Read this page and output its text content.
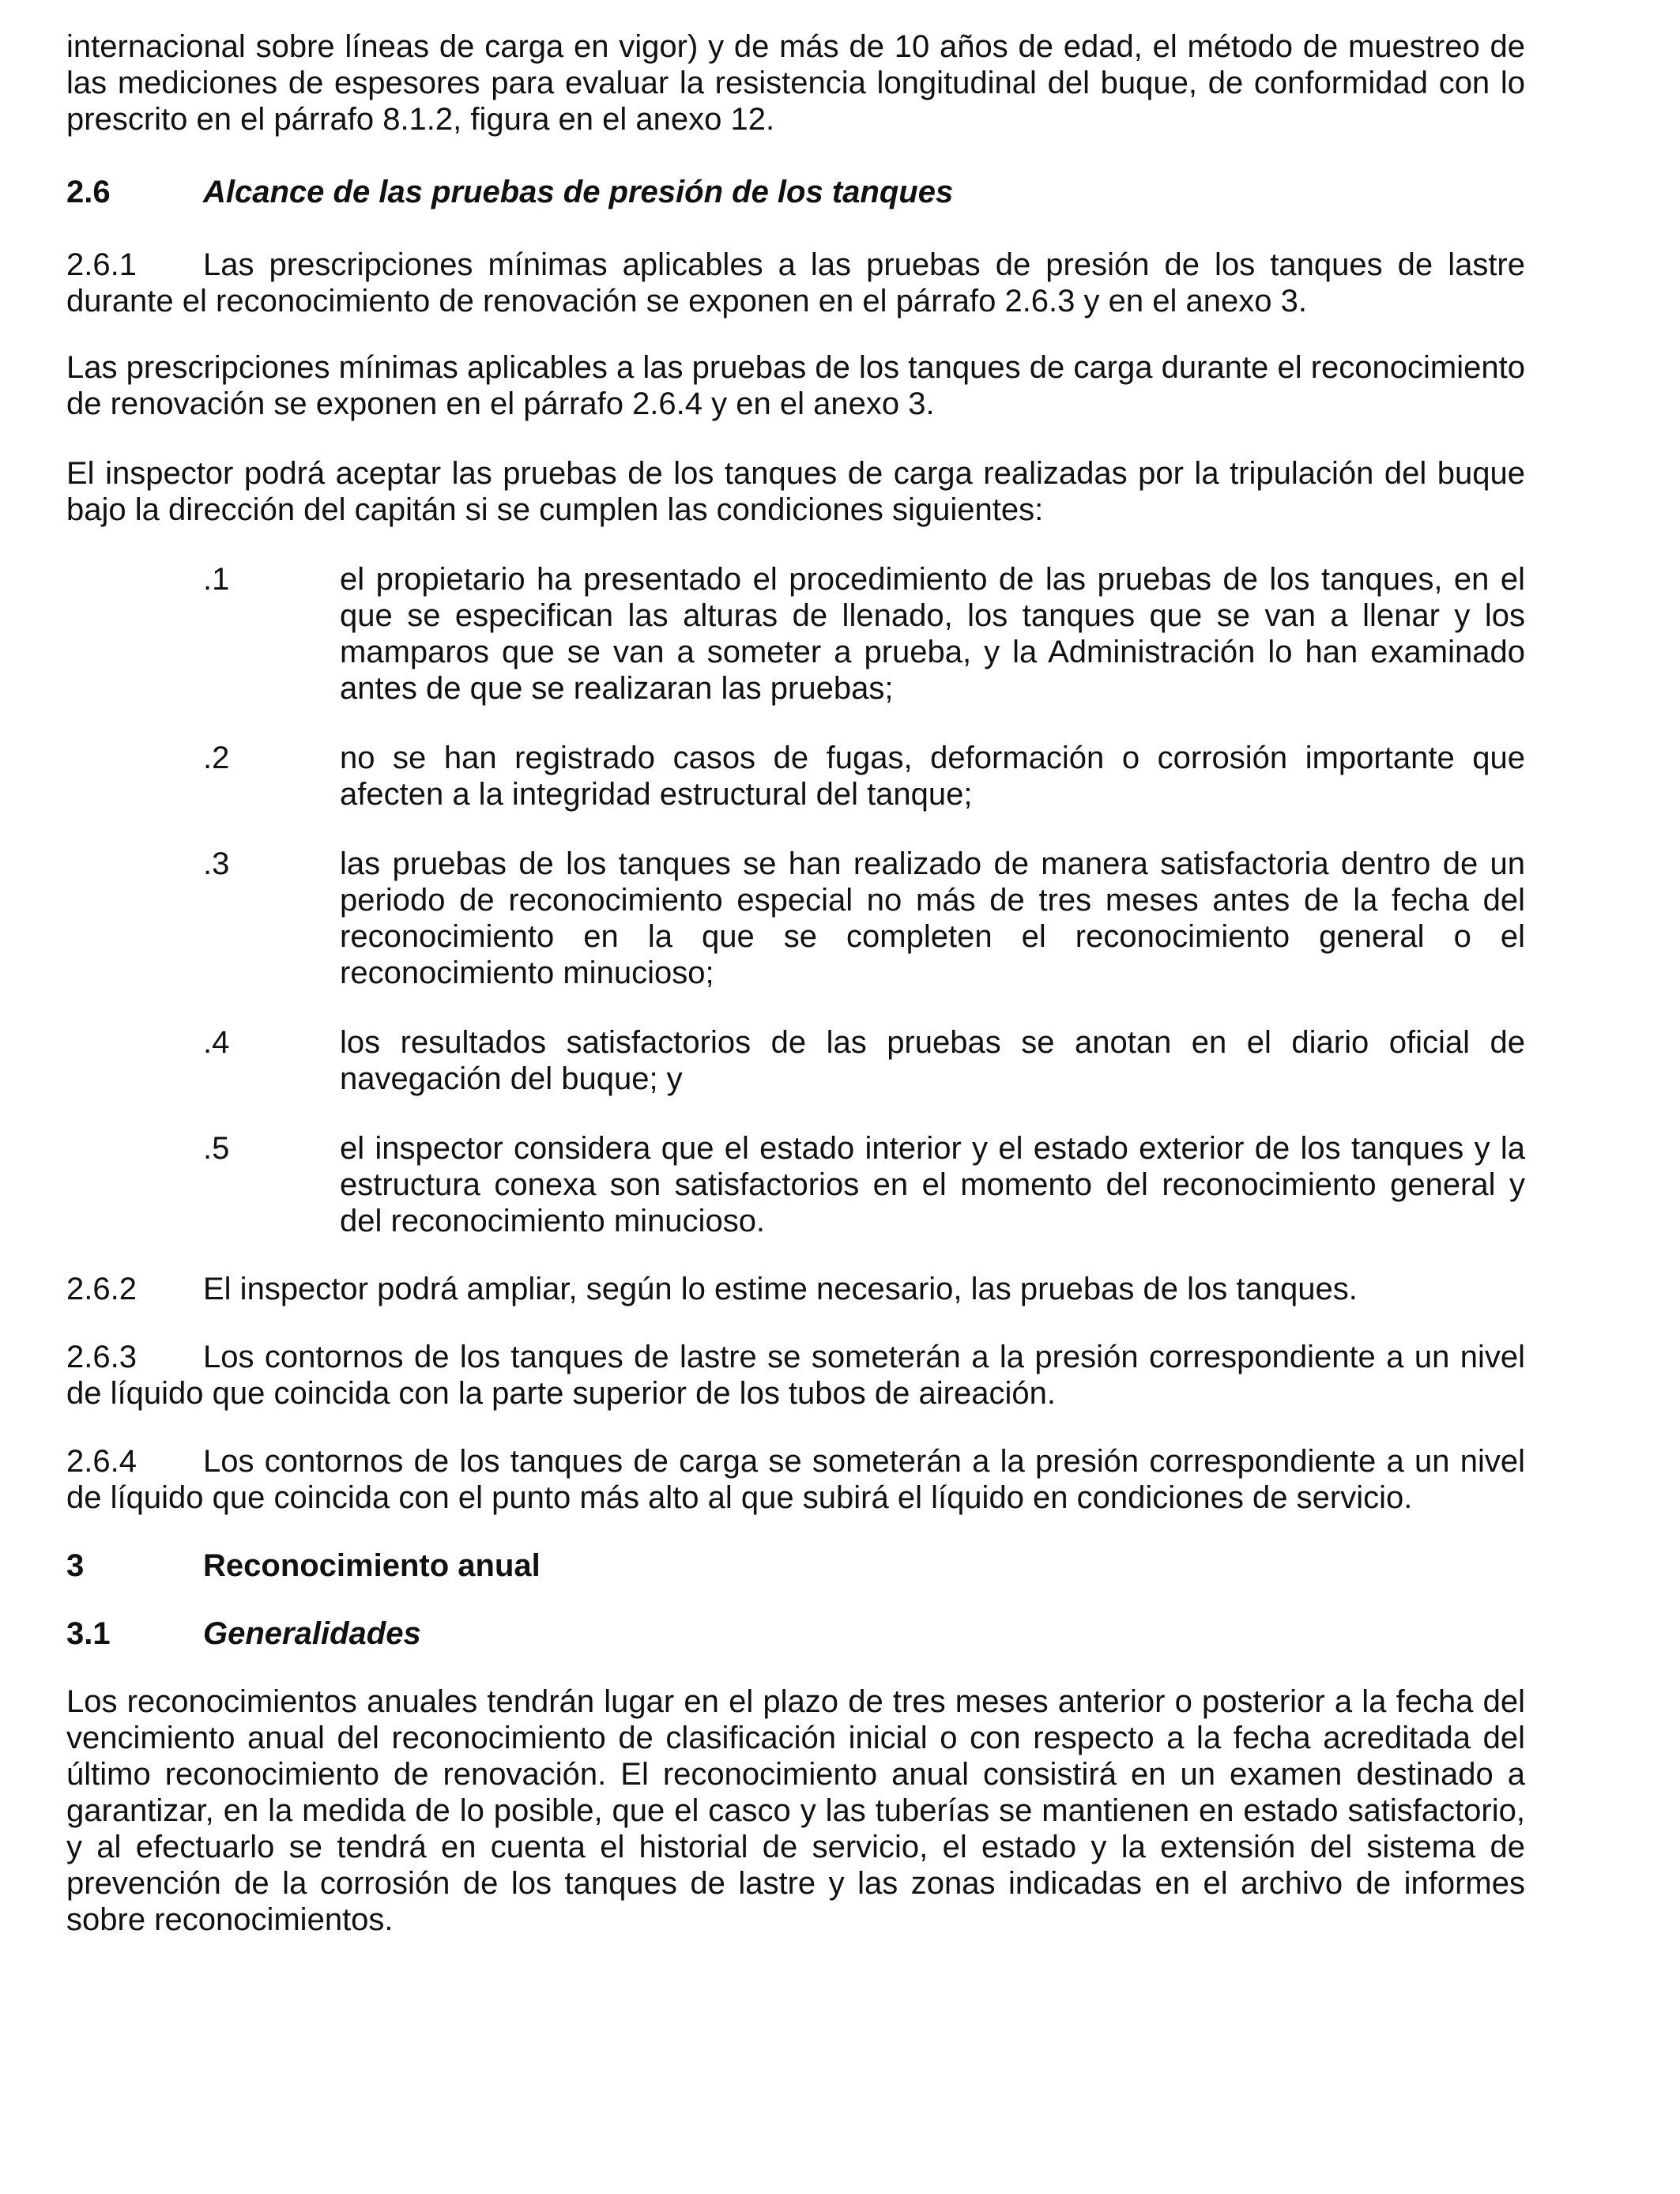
internacional sobre líneas de carga en vigor) y de más de 10 años de edad, el método de muestreo de las mediciones de espesores para evaluar la resistencia longitudinal del buque, de conformidad con lo prescrito en el párrafo 8.1.2, figura en el anexo 12.

2.6	Alcance de las pruebas de presión de los tanques

2.6.1 Las prescripciones mínimas aplicables a las pruebas de presión de los tanques de lastre durante el reconocimiento de renovación se exponen en el párrafo 2.6.3 y en el anexo 3.

Las prescripciones mínimas aplicables a las pruebas de los tanques de carga durante el reconocimiento de renovación se exponen en el párrafo 2.6.4 y en el anexo 3.

El inspector podrá aceptar las pruebas de los tanques de carga realizadas por la tripulación del buque bajo la dirección del capitán si se cumplen las condiciones siguientes:

.1	el propietario ha presentado el procedimiento de las pruebas de los tanques, en el que se especifican las alturas de llenado, los tanques que se van a llenar y los mamparos que se van a someter a prueba, y la Administración lo han examinado antes de que se realizaran las pruebas;
.2	no se han registrado casos de fugas, deformación o corrosión importante que afecten a la integridad estructural del tanque;
.3	las pruebas de los tanques se han realizado de manera satisfactoria dentro de un periodo de reconocimiento especial no más de tres meses antes de la fecha del reconocimiento en la que se completen el reconocimiento general o el reconocimiento minucioso;
.4	los resultados satisfactorios de las pruebas se anotan en el diario oficial de navegación del buque; y
.5	el inspector considera que el estado interior y el estado exterior de los tanques y la estructura conexa son satisfactorios en el momento del reconocimiento general y del reconocimiento minucioso.

2.6.2 El inspector podrá ampliar, según lo estime necesario, las pruebas de los tanques.

2.6.3 Los contornos de los tanques de lastre se someterán a la presión correspondiente a un nivel de líquido que coincida con la parte superior de los tubos de aireación.

2.6.4 Los contornos de los tanques de carga se someterán a la presión correspondiente a un nivel de líquido que coincida con el punto más alto al que subirá el líquido en condiciones de servicio.

3	Reconocimiento anual
3.1	Generalidades

Los reconocimientos anuales tendrán lugar en el plazo de tres meses anterior o posterior a la fecha del vencimiento anual del reconocimiento de clasificación inicial o con respecto a la fecha acreditada del último reconocimiento de renovación. El reconocimiento anual consistirá en un examen destinado a garantizar, en la medida de lo posible, que el casco y las tuberías se mantienen en estado satisfactorio, y al efectuarlo se tendrá en cuenta el historial de servicio, el estado y la extensión del sistema de prevención de la corrosión de los tanques de lastre y las zonas indicadas en el archivo de informes sobre reconocimientos.
